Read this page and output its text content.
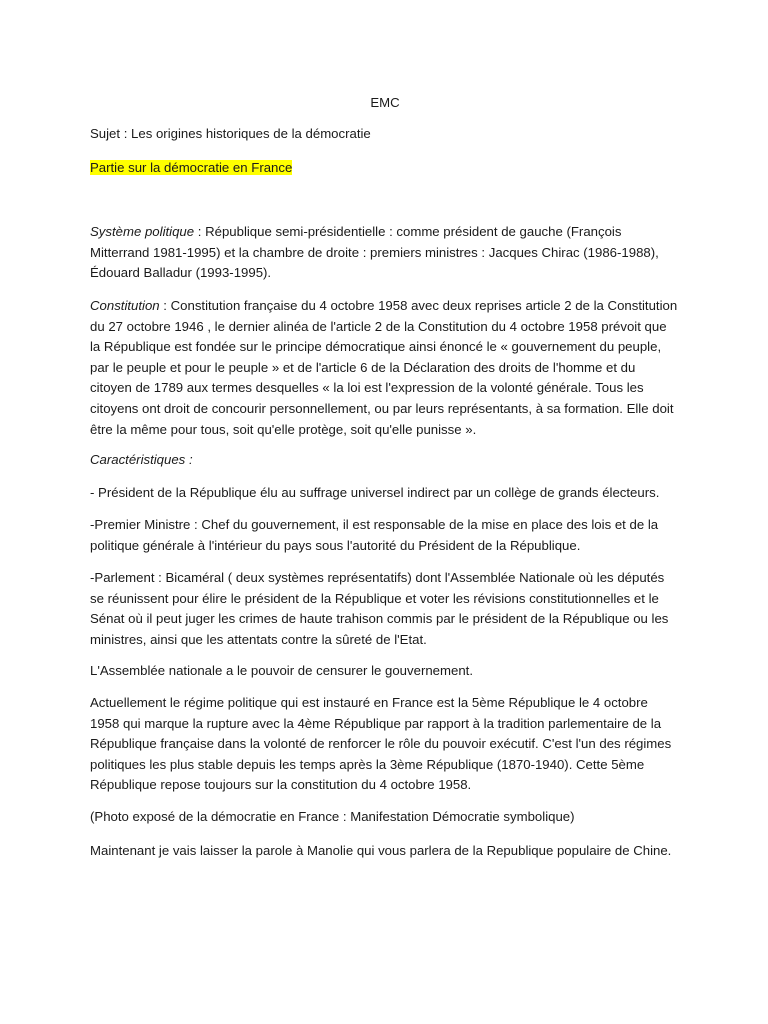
EMC

Sujet : Les origines historiques de la démocratie

Partie sur la démocratie en France

Système politique : République semi-présidentielle : comme président de gauche (François Mitterrand 1981-1995) et la chambre de droite : premiers ministres : Jacques Chirac (1986-1988), Édouard Balladur (1993-1995).

Constitution : Constitution française du 4 octobre 1958 avec deux reprises article 2 de la Constitution du 27 octobre 1946 , le dernier alinéa de l'article 2 de la Constitution du 4 octobre 1958 prévoit que la République est fondée sur le principe démocratique ainsi énoncé le « gouvernement du peuple, par le peuple et pour le peuple » et de l'article 6 de la Déclaration des droits de l'homme et du citoyen de 1789 aux termes desquelles « la loi est l'expression de la volonté générale. Tous les citoyens ont droit de concourir personnellement, ou par leurs représentants, à sa formation. Elle doit être la même pour tous, soit qu'elle protège, soit qu'elle punisse ».

Caractéristiques :

- Président de la République élu au suffrage universel indirect par un collège de grands électeurs.

-Premier Ministre : Chef du gouvernement, il est responsable de la mise en place des lois et de la politique générale à l'intérieur du pays sous l'autorité du Président de la République.

-Parlement : Bicaméral ( deux systèmes représentatifs) dont l'Assemblée Nationale où les députés se réunissent pour élire le président de la République et voter les révisions constitutionnelles et le Sénat où il peut juger les crimes de haute trahison commis par le président de la République ou les ministres, ainsi que les attentats contre la sûreté de l'Etat.

L'Assemblée nationale a le pouvoir de censurer le gouvernement.

Actuellement le régime politique qui est instauré en France est la 5ème République le 4 octobre 1958 qui marque la rupture avec la 4ème République par rapport à la tradition parlementaire de la République française dans la volonté de renforcer le rôle du pouvoir exécutif. C'est l'un des régimes politiques les plus stable depuis les temps après la 3ème République (1870-1940). Cette 5ème République repose toujours sur la constitution du 4 octobre 1958.

(Photo exposé de la démocratie en France : Manifestation Démocratie symbolique)

Maintenant je vais laisser la parole à Manolie qui vous parlera de la Republique populaire de Chine.
